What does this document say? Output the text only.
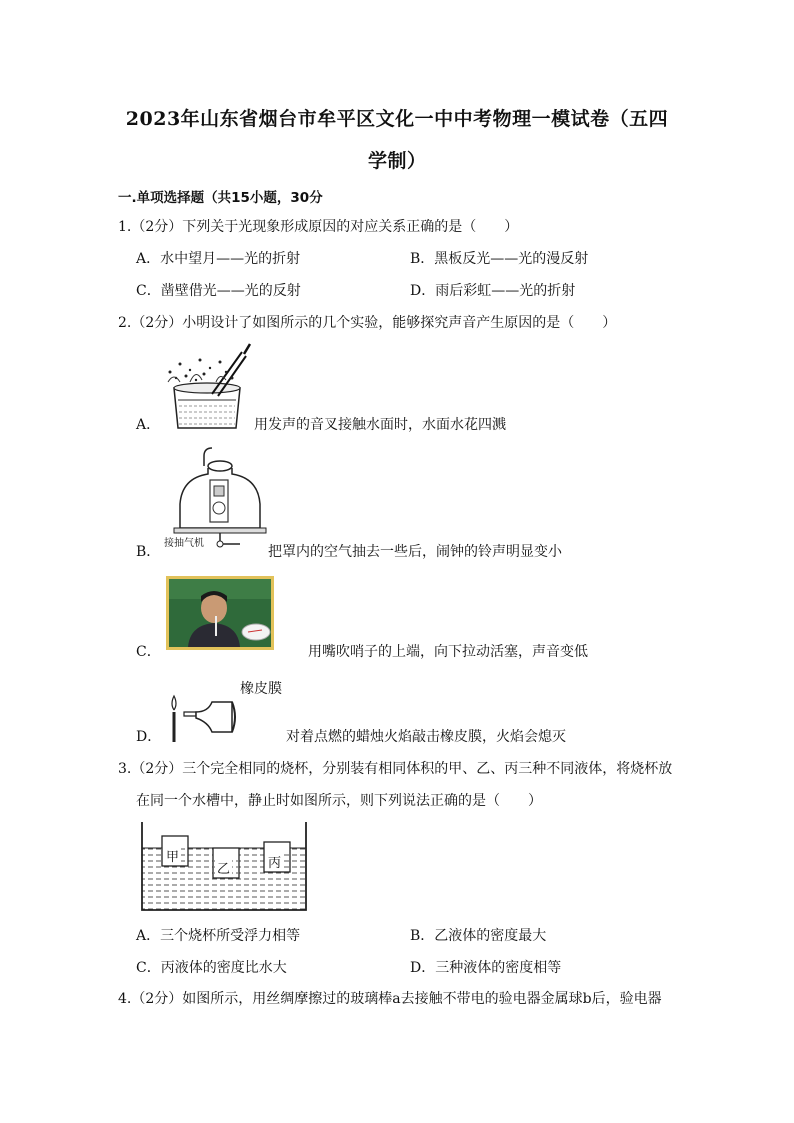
2023年山东省烟台市牟平区文化一中中考物理一模试卷（五四
学制）
一.单项选择题（共15小题，30分
1.（2分）下列关于光现象形成原因的对应关系正确的是（　　）
A．水中望月——光的折射	B．黑板反光——光的漫反射
C．凿壁借光——光的反射	D．雨后彩虹——光的折射
2.（2分）小明设计了如图所示的几个实验，能够探究声音产生原因的是（　　）
A．	用发声的音叉接触水面时，水面水花四溅
接抽气机
B．	把罩内的空气抽去一些后，闹钟的铃声明显变小
C．	用嘴吹哨子的上端，向下拉动活塞，声音变低
橡皮膜
D．	对着点燃的蜡烛火焰敲击橡皮膜，火焰会熄灭
3.（2分）三个完全相同的烧杯，分别装有相同体积的甲、乙、丙三种不同液体，将烧杯放
在同一个水槽中，静止时如图所示，则下列说法正确的是（　　）
甲
乙	丙
A．三个烧杯所受浮力相等	B．乙液体的密度最大
C．丙液体的密度比水大	D．三种液体的密度相等
4.（2分）如图所示，用丝绸摩擦过的玻璃棒a去接触不带电的验电器金属球b后，验电器
